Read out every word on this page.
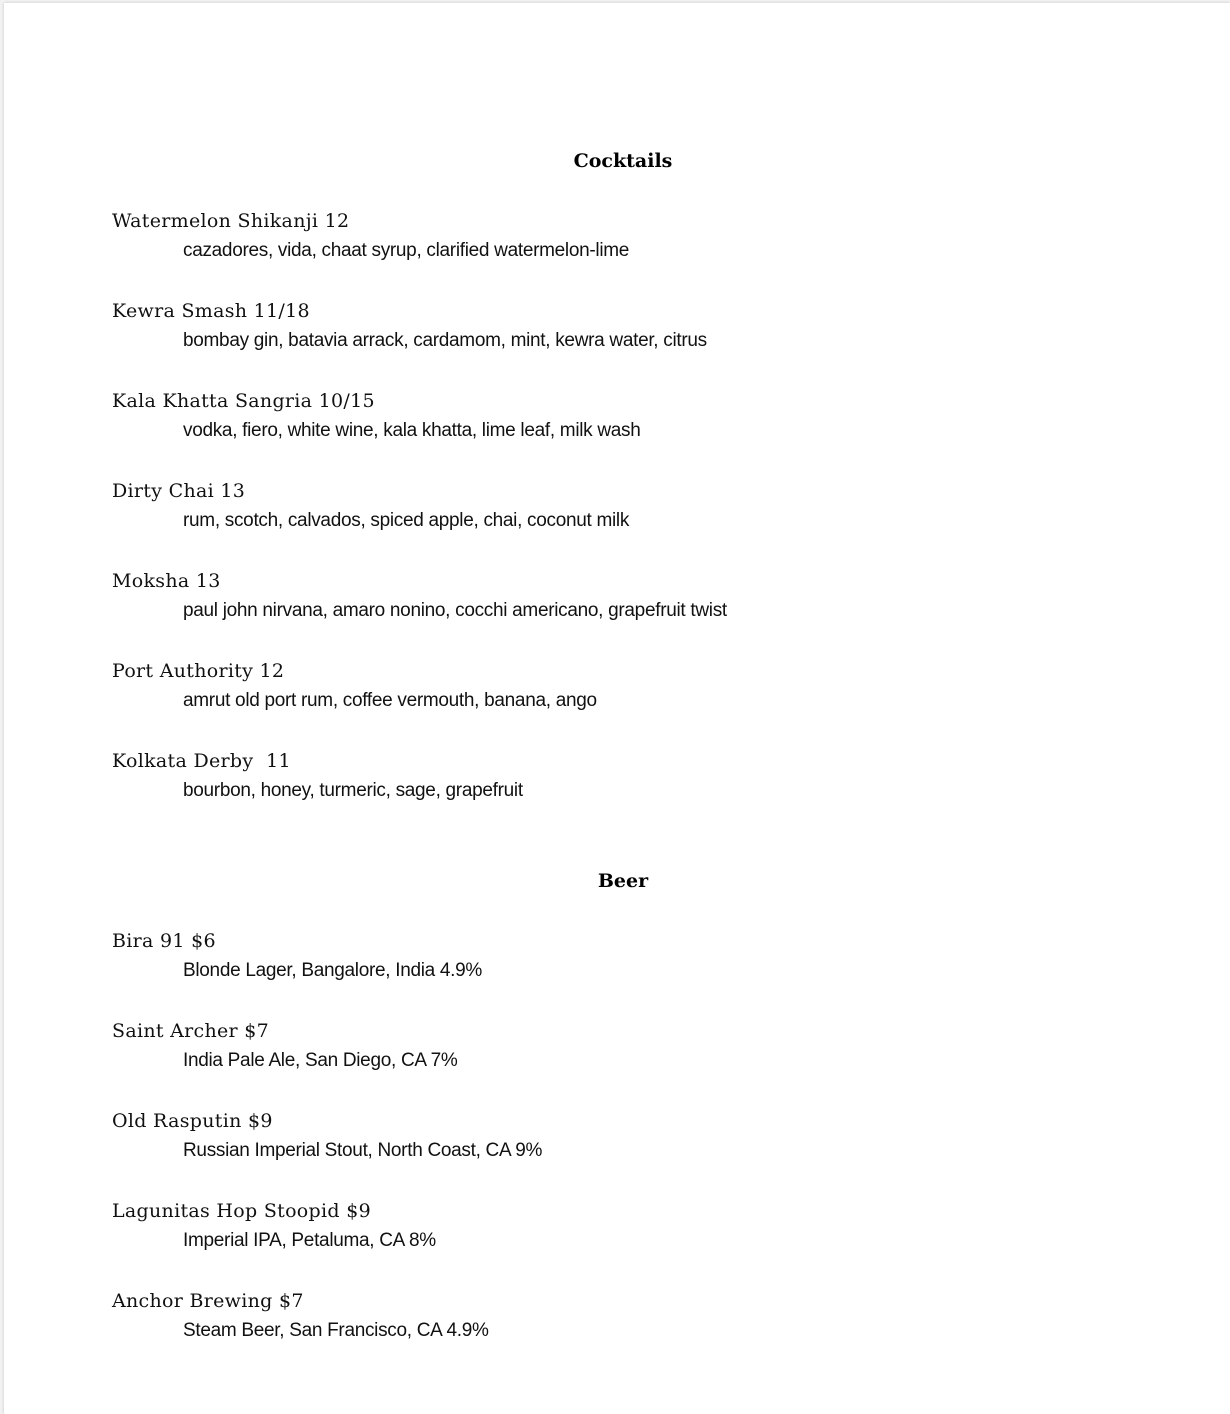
Cocktails
Watermelon Shikanji 12
cazadores, vida, chaat syrup, clarified watermelon-lime
Kewra Smash 11/18
bombay gin, batavia arrack, cardamom, mint, kewra water, citrus
Kala Khatta Sangria 10/15
vodka, fiero, white wine, kala khatta, lime leaf, milk wash
Dirty Chai 13
rum, scotch, calvados, spiced apple, chai, coconut milk
Moksha 13
paul john nirvana, amaro nonino, cocchi americano, grapefruit twist
Port Authority 12
amrut old port rum, coffee vermouth, banana, ango
Kolkata Derby  11
bourbon, honey, turmeric, sage, grapefruit
Beer
Bira 91 $6
Blonde Lager, Bangalore, India 4.9%
Saint Archer $7
India Pale Ale, San Diego, CA 7%
Old Rasputin $9
Russian Imperial Stout, North Coast, CA 9%
Lagunitas Hop Stoopid $9
Imperial IPA, Petaluma, CA 8%
Anchor Brewing $7
Steam Beer, San Francisco, CA 4.9%
